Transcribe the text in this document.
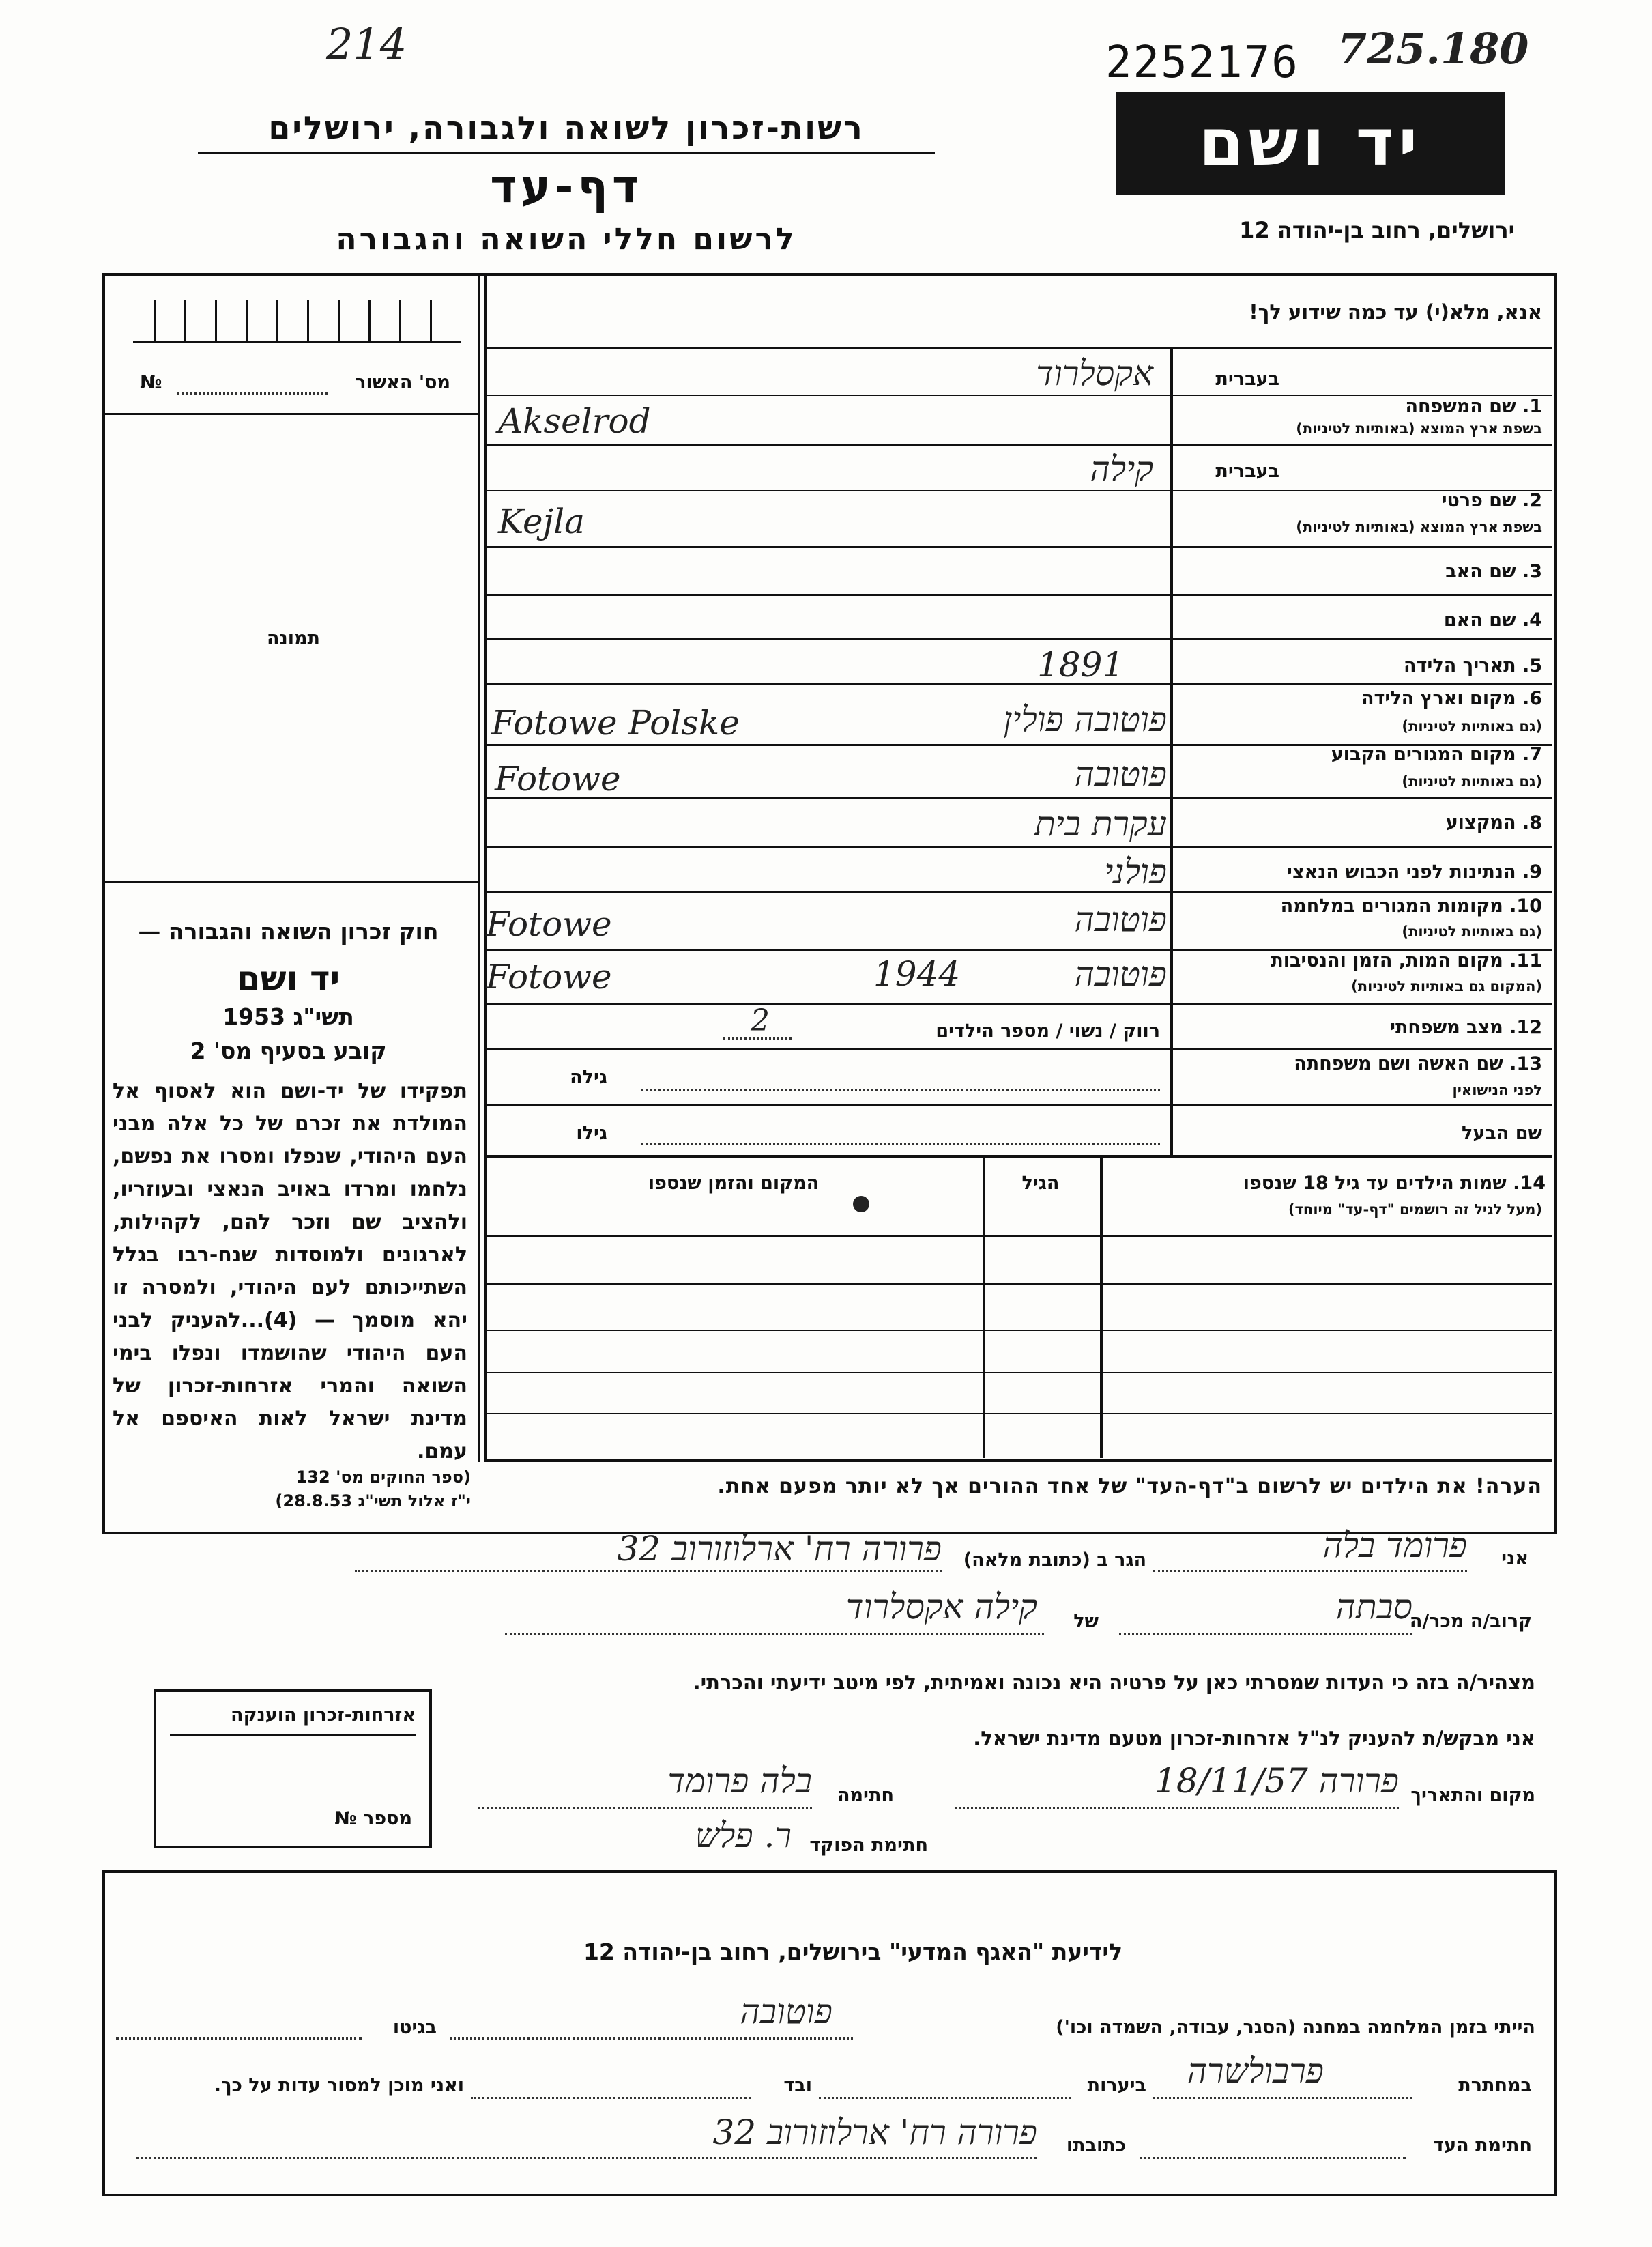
214	2252176 725.180
רשות-זכרון לשואה ולגבורה, ירושלים
דף-עד
לרשום חללי השואה והגבורה
יד ושם
ירושלים, רחוב בן-יהודה 12
מס' האשור
№
תמונה
חוק זכרון השואה והגבורה —
יד ושם
תשי"ג 1953
קובע בסעיף מס' 2
תפקידו של יד-ושם הוא לאסוף אל המולדת את זכרם של כל אלה מבני העם היהודי, שנפלו ומסרו את נפשם, נלחמו ומרדו באויב הנאצי ובעוזריו, ולהציב שם וזכר להם, לקהילות, לארגונים ולמוסדות שנח-רבו בגלל השתייכותם לעם היהודי, ולמסרה זו יהא מוסמך — (4)...להעניק לבני העם היהודי שהושמדו ונפלו בימי השואה והמרי אזרחות-זכרון של מדינת ישראל לאות האיספם אל עמם.
(ספר החוקים מס' 132
י"ז אלול תשי"ג 28.8.53)
אנא, מלא(י) עד כמה שידוע לך!
בעברית
1. שם המשפחה
בשפת ארץ המוצא (באותיות לטיניות)
אקסלרוד
Akselrod
בעברית
2. שם פרטי
בשפת ארץ המוצא (באותיות לטיניות)
קילה
Kejla
3. שם האב
4. שם האם
5. תאריך הלידה
1891
6. מקום וארץ הלידה
(גם באותיות לטיניות)
פוטובה פולין
Fotowe Polske
7. מקום המגורים הקבוע
(גם באותיות לטיניות)
פוטובה
Fotowe
8. המקצוע
עקרת בית
9. הנתינות לפני הכבוש הנאצי
פולני
10. מקומות המגורים במלחמה
(גם באותיות לטיניות)
פוטובה
Fotowe
11. מקום המות, הזמן והנסיבות
(המקום גם באותיות לטיניות)
פוטובה
1944
Fotowe
12. מצב משפחתי
רווק / נשוי / מספר הילדים
2
13. שם האשה ושם משפחתה
לפני הנישואין
גילה
שם הבעל
גילו
14. שמות הילדים עד גיל 18 שנספו
(מעל לגיל זה רושמים "דף-עד" מיוחד)
הגיל
המקום והזמן שנספו
הערה! את הילדים יש לרשום ב"דף-העד" של אחד ההורים אך לא יותר מפעם אחת.
אני
פרומד בלה
הגר ב (כתובת מלאה)
פרורה רח' ארלוזורוב 32
קרוב/ה מכר/ה
סבתה
של
קילה אקסלרוד
מצהיר/ה בזה כי העדות שמסרתי כאן על פרטיה היא נכונה ואמיתית, לפי מיטב ידיעתי והכרתי.
אני מבקש/ת להעניק לנ"ל אזרחות-זכרון מטעם מדינת ישראל.
מקום והתאריך
פרורה 18/11/57
חתימה
בלה פרומד
חתימת הפוקד
ר. פלש
אזרחות-זכרון הוענקה
מספר №
לידיעת "האגף המדעי" בירושלים, רחוב בן-יהודה 12
הייתי בזמן המלחמה במחנה (הסגר, עבודה, השמדה וכו')
פוטובה
בגיטו
במחתרת
פרבולשרה
ביערות
ובד
ואני מוכן למסור עדות על כך.
חתימת העד
כתובתו
פרורה רח' ארלוזורוב 32
